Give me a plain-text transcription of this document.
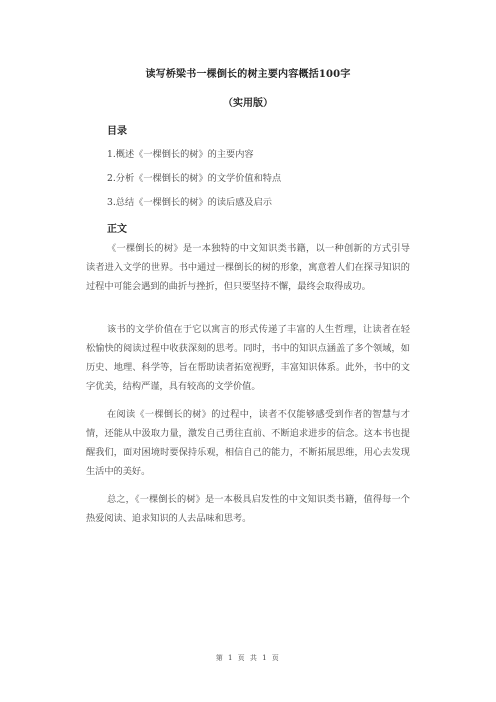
读写桥梁书一棵倒长的树主要内容概括100字
（实用版）
目录
1.概述《一棵倒长的树》的主要内容
2.分析《一棵倒长的树》的文学价值和特点
3.总结《一棵倒长的树》的读后感及启示
正文

《一棵倒长的树》是一本独特的中文知识类书籍，以一种创新的方式引导读者进入文学的世界。书中通过一棵倒长的树的形象，寓意着人们在探寻知识的过程中可能会遇到的曲折与挫折，但只要坚持不懈，最终会取得成功。

该书的文学价值在于它以寓言的形式传递了丰富的人生哲理，让读者在轻松愉快的阅读过程中收获深刻的思考。同时，书中的知识点涵盖了多个领域，如历史、地理、科学等，旨在帮助读者拓宽视野，丰富知识体系。此外，书中的文字优美，结构严谨，具有较高的文学价值。

在阅读《一棵倒长的树》的过程中，读者不仅能够感受到作者的智慧与才情，还能从中汲取力量，激发自己勇往直前、不断追求进步的信念。这本书也提醒我们，面对困境时要保持乐观，相信自己的能力，不断拓展思维，用心去发现生活中的美好。

总之，《一棵倒长的树》是一本极具启发性的中文知识类书籍，值得每一个热爱阅读、追求知识的人去品味和思考。

第 1 页 共 1 页
